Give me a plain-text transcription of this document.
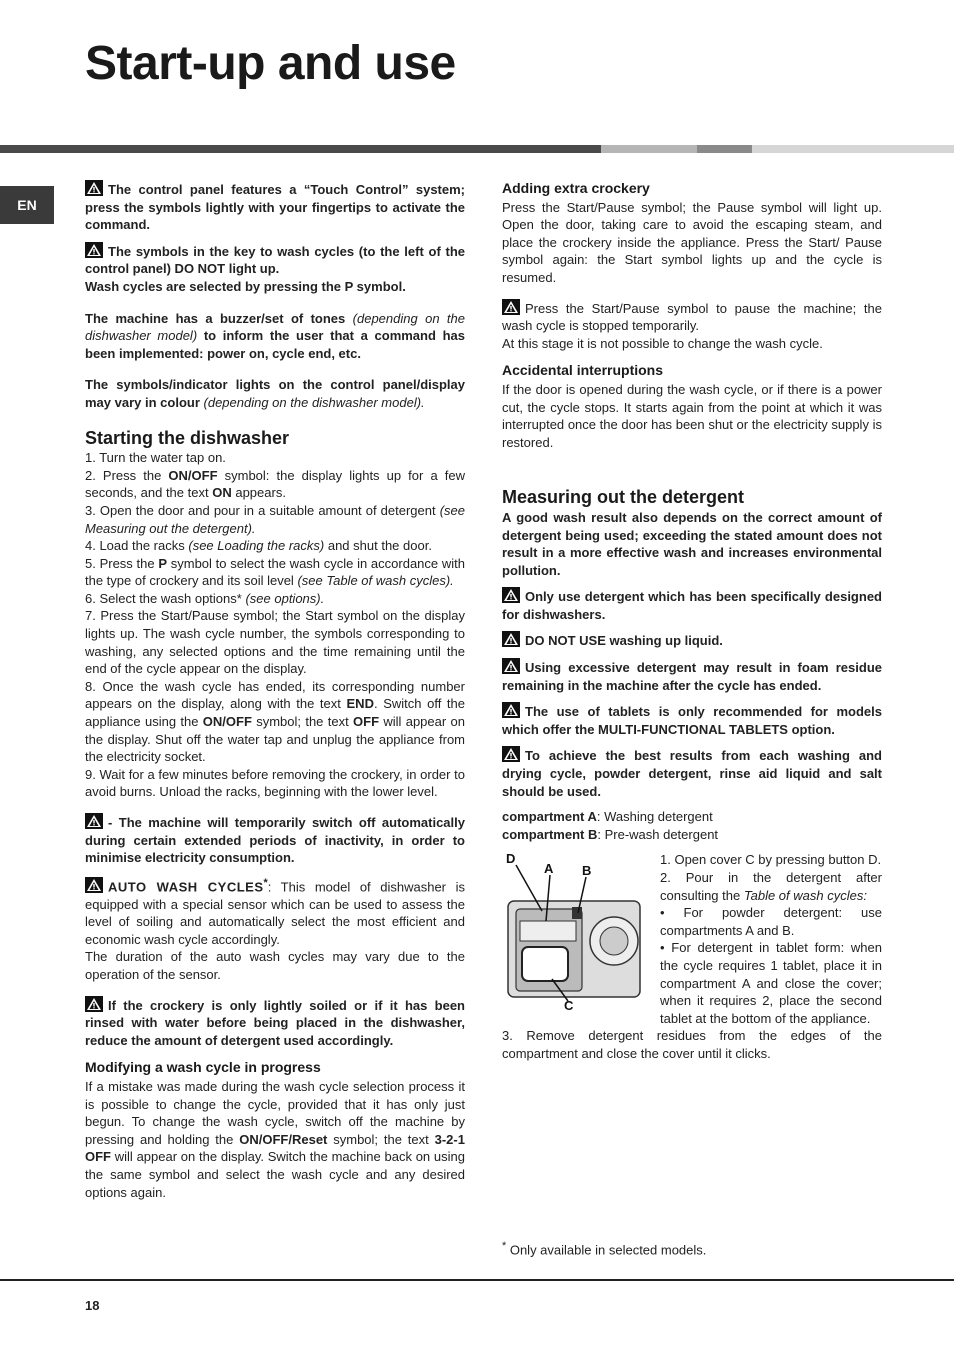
Start-up and use
EN

The control panel features a “Touch Control” system; press the symbols lightly with your fingertips to activate the command.

The symbols in the key to wash cycles (to the left of the control panel) DO NOT light up.

Wash cycles are selected by pressing the P symbol.

The machine has a buzzer/set of tones (depending on the dishwasher model) to inform the user that a command has been implemented: power on, cycle end, etc.

The symbols/indicator lights on the control panel/display may vary in colour (depending on the dishwasher model).

Starting the dishwasher

1. Turn the water tap on.

2. Press the ON/OFF symbol: the display lights up for a few seconds, and the text ON appears.

3. Open the door and pour in a suitable amount of detergent (see Measuring out the detergent).

4. Load the racks (see Loading the racks) and shut the door.

5. Press the P symbol to select the wash cycle in accordance with the type of crockery and its soil level (see Table of wash cycles).

6. Select the wash options* (see options).

7. Press the Start/Pause symbol; the Start symbol on the display lights up. The wash cycle number, the symbols corresponding to washing, any selected options and the time remaining until the end of the cycle appear on the display.

8. Once the wash cycle has ended, its corresponding number appears on the display, along with the text END. Switch off the appliance using the ON/OFF symbol; the text OFF will appear on the display. Shut off the water tap and unplug the appliance from the electricity socket.

9. Wait for a few minutes before removing the crockery, in order to avoid burns. Unload the racks, beginning with the lower level.

- The machine will temporarily switch off automatically during certain extended periods of inactivity, in order to minimise electricity consumption.

AUTO WASH CYCLES*: This model of dishwasher is equipped with a special sensor which can be used to assess the level of soiling and automatically select the most efficient and economic wash cycle accordingly.

The duration of the auto wash cycles may vary due to the operation of the sensor.

If the crockery is only lightly soiled or if it has been rinsed with water before being placed in the dishwasher, reduce the amount of detergent used accordingly.

Modifying a wash cycle in progress

If a mistake was made during the wash cycle selection process it is possible to change the cycle, provided that it has only just begun. To change the wash cycle, switch off the machine by pressing and holding the ON/OFF/Reset symbol; the text 3-2-1 OFF will appear on the display. Switch the machine back on using the same symbol and select the wash cycle and any desired options again.

Adding extra crockery

Press the Start/Pause symbol; the Pause symbol will light up. Open the door, taking care to avoid the escaping steam, and place the crockery inside the appliance. Press the Start/ Pause symbol again: the Start symbol lights up and the cycle is resumed.

Press the Start/Pause symbol to pause the machine; the wash cycle is stopped temporarily.

At this stage it is not possible to change the wash cycle.

Accidental interruptions

If the door is opened during the wash cycle, or if there is a power cut, the cycle stops. It starts again from the point at which it was interrupted once the door has been shut or the electricity supply is restored.

Measuring out the detergent

A good wash result also depends on the correct amount of detergent being used; exceeding the stated amount does not result in a more effective wash and increases environmental pollution.

Only use detergent which has been specifically designed for dishwashers.

DO NOT USE washing up liquid.

Using excessive detergent may result in foam residue remaining in the machine after the cycle has ended.

The use of tablets is only recommended for models which offer the MULTI-FUNCTIONAL TABLETS option.

To achieve the best results from each washing and drying cycle, powder detergent, rinse aid liquid and salt should be used.

compartment A: Washing detergent

compartment B: Pre-wash detergent

D
A B
C

1. Open cover C by pressing button D.

2. Pour in the detergent after consulting the Table of wash cycles:

• For powder detergent: use compartments A and B.

• For detergent in tablet form: when the cycle requires 1 tablet, place it in compartment A and close the cover; when it requires 2, place the second tablet at the bottom of the appliance.

3. Remove detergent residues from the edges of the compartment and close the cover until it clicks.

* Only available in selected models.
18
